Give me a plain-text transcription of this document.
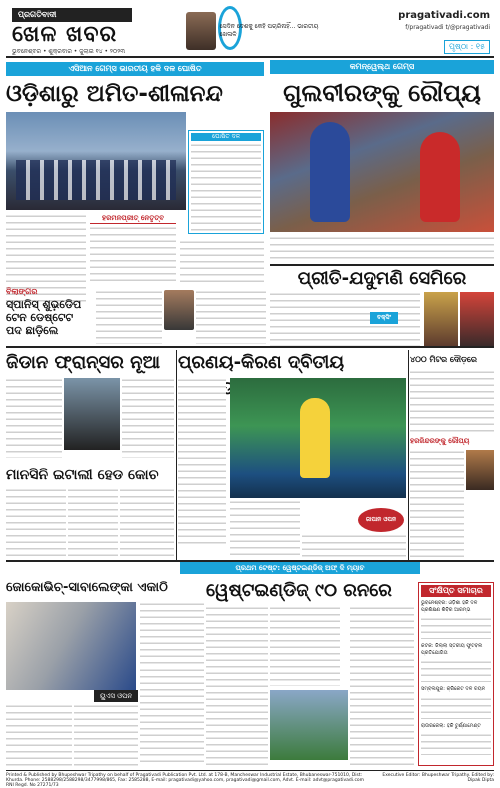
ପ୍ରଗତିବାଦୀ
ଖେଳ ଖବର
ଭୁବନେଶ୍ବର • ଶୁକ୍ରବାର • ଜୁଲାଇ ୧୪ • ୨୦୨୩
ସେଦିନ ଦେଶକୁ କେହି ପଚାରିନାହିଁ... ଭାରତୀୟ ଖେଳାଳି
pragativadi.com
f/pragativadi t/@pragativadi
ପୃଷ୍ଠା : ୧୫
ଏସିଆନ ଗେମ୍ସ ଭାରତୀୟ ହକି ଦଳ ଘୋଷିତ
ଓଡ଼ିଶାରୁ ଅମିତ-ଶୀଳାନନ୍ଦ
ଘୋଷିତ ଦଳ
ହରମନପ୍ରୀତ୍ ନେତୃତ୍ବ
କମନ୍‌ୱେଲ୍ଥ ଗେମ୍ସ
ଗୁଲବୀରଙ୍କୁ ରୌପ୍ୟ
ପ୍ରୀତି-ଯଦୁମଣି ସେମିରେ
ବକ୍ସିଂ
ବିଲାଙ୍ଗର
ସ୍ପାନିସ୍ ଶୁଭଡେ଼ିପ ଟେନ ଡେଷ୍ଟେଟ ପଦ ଛାଡ଼ିଲେ
ଜିଡାନ ଫ୍ରାନ୍ସର ନୂଆ
ମାନସିନି ଇଟାଲୀ ହେଡ କୋଚ
ପ୍ରଣୟ-କିରଣ ଦ୍ବିତୀୟ
ଜାପାନ ଓପନ
୪୦୦ ମିଟର ଦୌଡ଼ରେ
ହରଜିନ୍ଦରଙ୍କୁ ରୌପ୍ୟ
ପ୍ରଥମ ଟେଷ୍ଟ: ୱେଷ୍ଟଇଣ୍ଡିଜ୍ ଅଫ୍ ଦି ମ୍ୟାଚ
ଜୋକୋଭିଚ୍-ସାବାଲେଙ୍କା ଏକାଠି
ୟୁଏସ ଓପନ
ୱେଷ୍ଟଇଣ୍ଡିଜ୍ ୯୦ ରନରେ	ସଂକ୍ଷିପ୍ତ ସମାଚାର
ଭୁବନେଶ୍ବର: ଓଡ଼ିଶା ହକି ଦଳ ପ୍ରଶିକ୍ଷଣ ଶିବିର ଆରମ୍ଭ
କଟକ: ଜିଲ୍ଲା ସ୍ତରୀୟ ଫୁଟବଲ ପ୍ରତିଯୋଗିତା
ସମ୍ବଲପୁର: କ୍ରିକେଟ ଦଳ ଚୟନ
ରାଉରକେଲା: ହକି ଟୁର୍ଣ୍ଣାମେଣ୍ଟ
Printed & Published by Bhupeshwar Tripathy on behalf of Pragativadi Publication Pvt. Ltd. at 178-B, Mancheswar Industrial Estate, Bhubaneswar-751010, Dist: Khurda. Phone: 2588298/2588298/3477998/865, Fax: 2585288, E-mail: pragativadi@yahoo.com, pragativadi@gmail.com, Advt. E-mail: advt@pragativadi.com RNI Regd. No 27271/73
Executive Editor: Bhupeshwar Tripathy. Edited by: Dipak Dipta
